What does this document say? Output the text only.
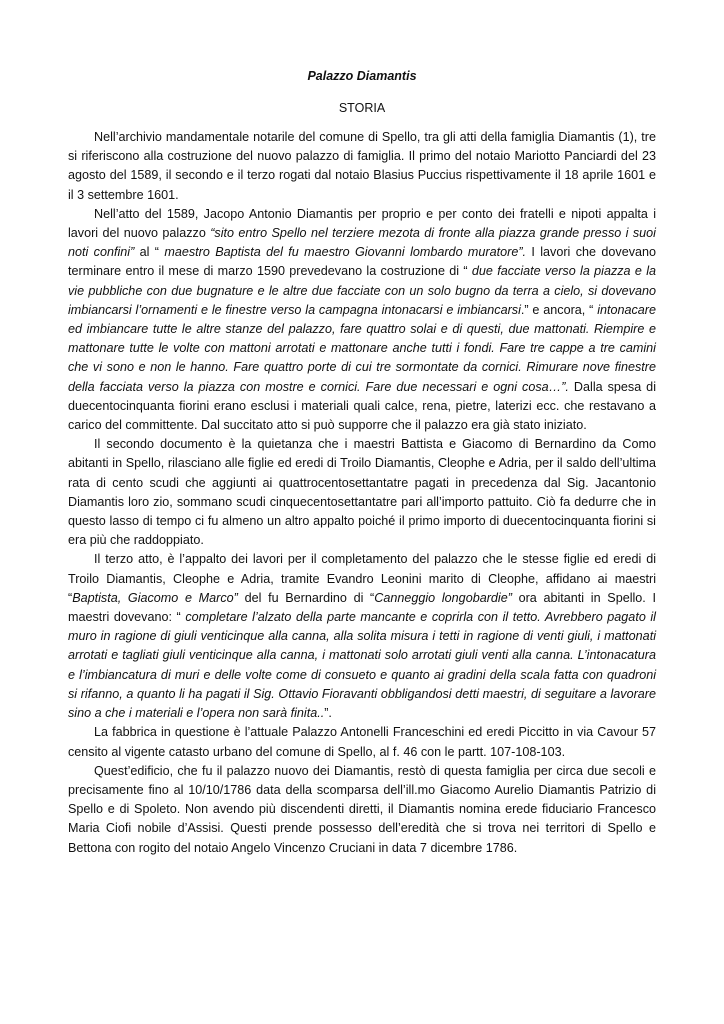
Palazzo Diamantis
STORIA

Nell’archivio mandamentale notarile del comune di Spello, tra gli atti della famiglia Diamantis (1), tre si riferiscono alla costruzione del nuovo palazzo di famiglia. Il primo del notaio Mariotto Panciardi del 23 agosto del 1589, il secondo e il terzo rogati dal notaio Blasius Puccius rispettivamente il 18 aprile 1601 e il 3 settembre 1601.

Nell’atto del 1589, Jacopo Antonio Diamantis per proprio e per conto dei fratelli e nipoti appalta i lavori del nuovo palazzo “sito entro Spello nel terziere mezota di fronte alla piazza grande presso i suoi noti confini” al “ maestro Baptista del fu maestro Giovanni lombardo muratore”. I lavori che dovevano terminare entro il mese di marzo 1590 prevedevano la costruzione di “ due facciate verso la piazza e la vie pubbliche con due bugnature e le altre due facciate con un solo bugno da terra a cielo, si dovevano imbiancarsi l’ornamenti e le finestre verso la campagna intonacarsi e imbiancarsi.” e ancora, “ intonacare ed imbiancare tutte le altre stanze del palazzo, fare quattro solai e di questi, due mattonati. Riempire e mattonare tutte le volte con mattoni arrotati e mattonare anche tutti i fondi. Fare tre cappe a tre camini che vi sono e non le hanno. Fare quattro porte di cui tre sormontate da cornici. Rimurare nove finestre della facciata verso la piazza con mostre e cornici. Fare due necessari e ogni cosa…”. Dalla spesa di duecentocinquanta fiorini erano esclusi i materiali quali calce, rena, pietre, laterizi ecc. che restavano a carico del committente. Dal succitato atto si può supporre che il palazzo era già stato iniziato.

Il secondo documento è la quietanza che i maestri Battista e Giacomo di Bernardino da Como abitanti in Spello, rilasciano alle figlie ed eredi di Troilo Diamantis, Cleophe e Adria, per il saldo dell’ultima rata di cento scudi che aggiunti ai quattrocentosettantatre pagati in precedenza dal Sig. Jacantonio Diamantis loro zio, sommano scudi cinquecentosettantatre pari all’importo pattuito. Ciò fa dedurre che in questo lasso di tempo ci fu almeno un altro appalto poiché il primo importo di duecentocinquanta fiorini si era più che raddoppiato.

Il terzo atto, è l’appalto dei lavori per il completamento del palazzo che le stesse figlie ed eredi di Troilo Diamantis, Cleophe e Adria, tramite Evandro Leonini marito di Cleophe, affidano ai maestri “Baptista, Giacomo e Marco” del fu Bernardino di “Canneggio longobardie” ora abitanti in Spello. I maestri dovevano: “ completare l’alzato della parte mancante e coprirla con il tetto. Avrebbero pagato il muro in ragione di giuli venticinque alla canna, alla solita misura i tetti in ragione di venti giuli, i mattonati arrotati e tagliati giuli venticinque alla canna, i mattonati solo arrotati giuli venti alla canna. L’intonacatura e l’imbiancatura di muri e delle volte come di consueto e quanto ai gradini della scala fatta con quadroni si rifanno, a quanto li ha pagati il Sig. Ottavio Fioravanti obbligandosi detti maestri, di seguitare a lavorare sino a che i materiali e l’opera non sarà finita..”.

La fabbrica in questione è l’attuale Palazzo Antonelli Franceschini ed eredi Piccitto in via Cavour 57 censito al vigente catasto urbano del comune di Spello, al f. 46 con le partt. 107-108-103.

Quest’edificio, che fu il palazzo nuovo dei Diamantis, restò di questa famiglia per circa due secoli e precisamente fino al 10/10/1786 data della scomparsa dell’ill.mo Giacomo Aurelio Diamantis Patrizio di Spello e di Spoleto. Non avendo più discendenti diretti, il Diamantis nomina erede fiduciario Francesco Maria Ciofi nobile d’Assisi. Questi prende possesso dell’eredità che si trova nei territori di Spello e Bettona con rogito del notaio Angelo Vincenzo Cruciani in data 7 dicembre 1786.
